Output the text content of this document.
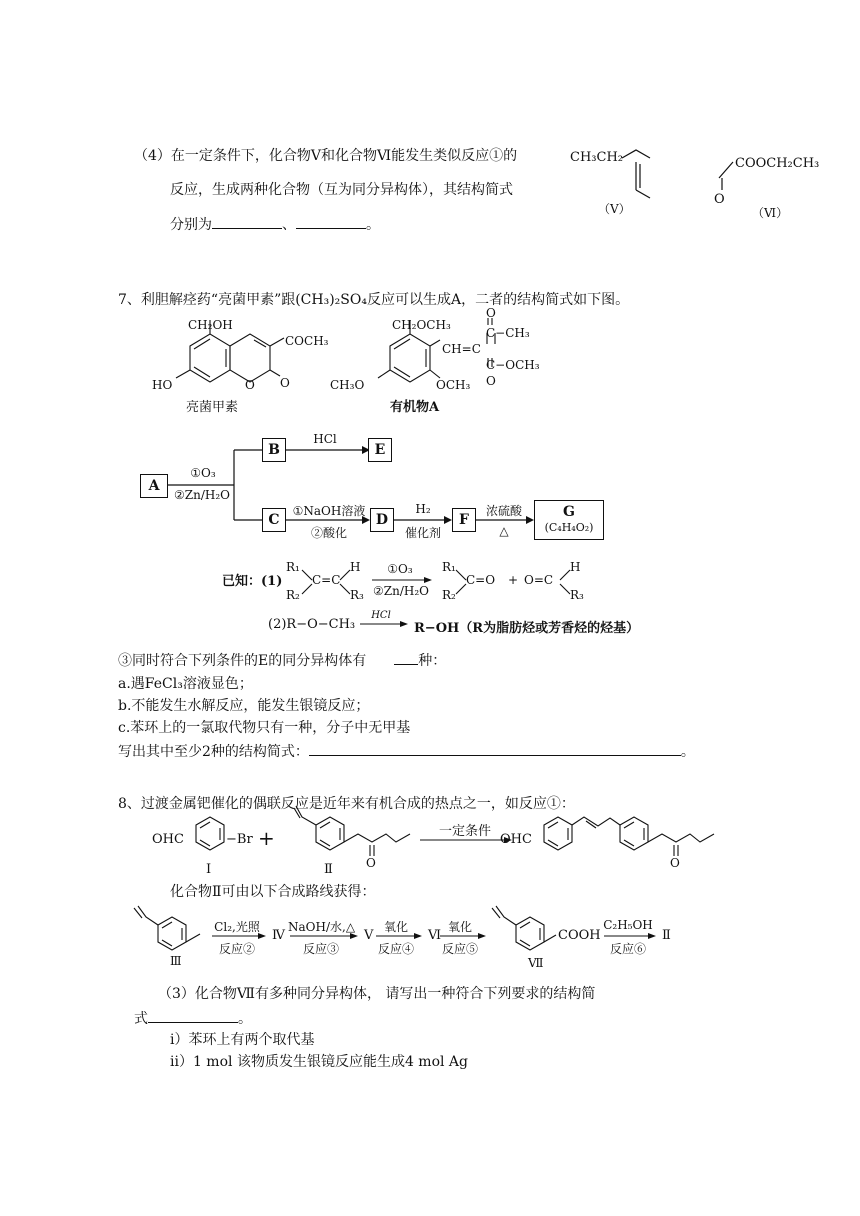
（4）在一定条件下，化合物Ⅴ和化合物Ⅵ能发生类似反应①的
反应，生成两种化合物（互为同分异构体），其结构简式
分别为	、	。
CH₃CH₂
（Ⅴ）
COOCH₂CH₃
O
（Ⅵ）
7、利胆解痉药“亮菌甲素”跟(CH₃)₂SO₄反应可以生成A，二者的结构简式如下图。
CH₂OH
COCH₃
HO	O O
亮菌甲素
CH₂OCH₃
O
C−CH₃
CH=C
C−OCH₃
O
CH₃O	OCH₃
有机物A
A
B	E
C	D	F	G
(C₄H₄O₂)
①O₃
②Zn/H₂O
HCl
①NaOH溶液
②酸化
H₂
催化剂
浓硫酸
△
已知：(1)
R₁
R₂
C=C
H
R₃
①O₃
②Zn/H₂O
R₁
R₂
C=O + O=C
H
R₃
(2)R−O−CH₃
HCl
R−OH（R为脂肪烃或芳香烃的烃基）
③同时符合下列条件的E的同分异构体有	种：
a.遇FeCl₃溶液显色；
b.不能发生水解反应，能发生银镜反应；
c.苯环上的一氯取代物只有一种，分子中无甲基
写出其中至少2种的结构简式：	。
8、过渡金属钯催化的偶联反应是近年来有机合成的热点之一，如反应①：
OHC	−Br +
O
一定条件
OHC
O
Ⅰ	Ⅱ
化合物Ⅱ可由以下合成路线获得：
Cl₂,光照
反应②
Ⅳ
NaOH/水,△
反应③
Ⅴ
氧化
反应④
Ⅵ
氧化
反应⑤
COOH
C₂H₅OH
反应⑥
Ⅱ
Ⅲ	Ⅶ
（3）化合物Ⅶ有多种同分异构体， 请写出一种符合下列要求的结构简
式	。
i）苯环上有两个取代基
ii）1 mol 该物质发生银镜反应能生成4 mol Ag
